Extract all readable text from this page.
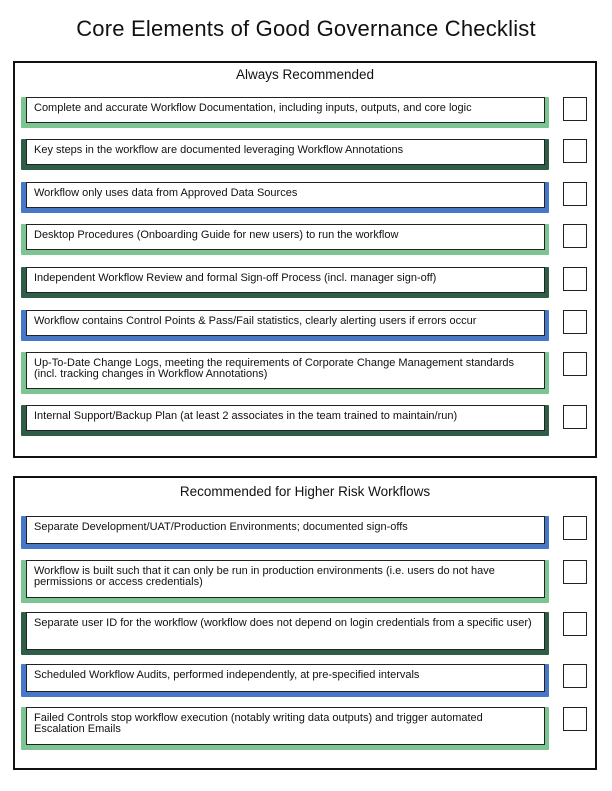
Core Elements of Good Governance Checklist
Always Recommended
Complete and accurate Workflow Documentation, including inputs, outputs, and core logic
Key steps in the workflow are documented leveraging Workflow Annotations
Workflow only uses data from Approved Data Sources
Desktop Procedures (Onboarding Guide for new users) to run the workflow
Independent Workflow Review and formal Sign-off Process (incl. manager sign-off)
Workflow contains Control Points & Pass/Fail statistics, clearly alerting users if errors occur
Up-To-Date Change Logs, meeting the requirements of Corporate Change Management standards (incl. tracking changes in Workflow Annotations)
Internal Support/Backup Plan (at least 2 associates in the team trained to maintain/run)
Recommended for Higher Risk Workflows
Separate Development/UAT/Production Environments; documented sign-offs
Workflow is built such that it can only be run in production environments (i.e. users do not have permissions or access credentials)
Separate user ID for the workflow (workflow does not depend on login credentials from a specific user)
Scheduled Workflow Audits, performed independently, at pre-specified intervals
Failed Controls stop workflow execution (notably writing data outputs) and trigger automated Escalation Emails
